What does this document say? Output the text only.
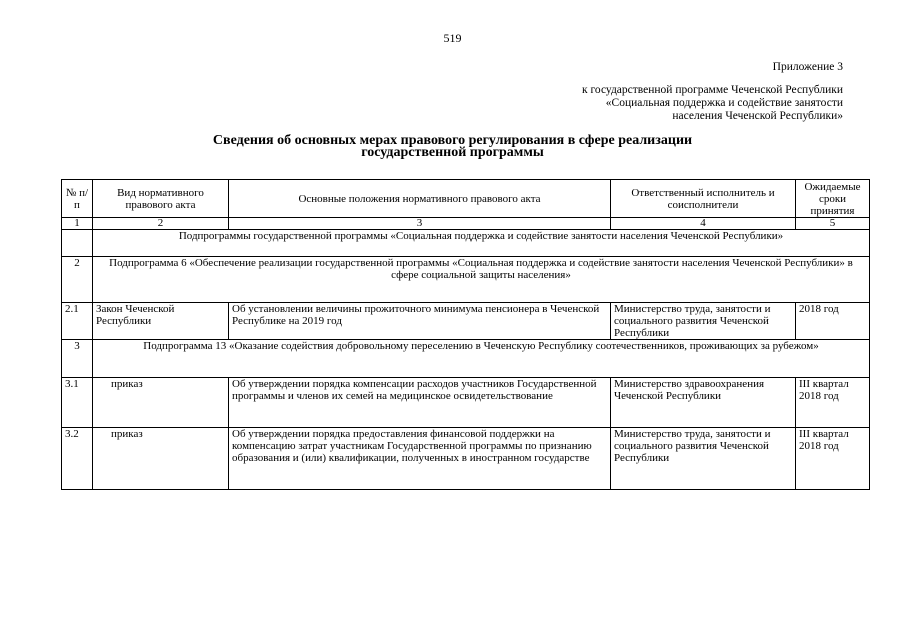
519
Приложение 3
к государственной программе Чеченской Республики
«Социальная поддержка и содействие занятости
населения Чеченской Республики»
Сведения об основных мерах правового регулирования в сфере реализации
государственной программы
№ п/п	Вид нормативного правового акта	Основные положения нормативного правового акта	Ответственный исполнитель и соисполнители	Ожидаемые сроки принятия
1	2	3	4	5
	Подпрограммы государственной программы «Социальная поддержка и содействие занятости населения Чеченской Республики»			
2	Подпрограмма 6 «Обеспечение реализации государственной программы «Социальная поддержка и содействие занятости населения Чеченской Республики» в сфере социальной защиты населения»			
2.1	Закон Чеченской Республики	Об установлении величины прожиточного минимума пенсионера в Чеченской Республике на 2019 год	Министерство труда, занятости и социального развития Чеченской Республики	2018 год
3	Подпрограмма 13 «Оказание содействия добровольному переселению в Чеченскую Республику соотечественников, проживающих за рубежом»			
3.1	приказ	Об утверждении порядка компенсации расходов участников Государственной программы и членов их семей на медицинское освидетельствование	Министерство здравоохранения Чеченской Республики	III квартал 2018 год
3.2	приказ	Об утверждении порядка предоставления финансовой поддержки на компенсацию затрат участникам Государственной программы по признанию образования и (или) квалификации, полученных в иностранном государстве	Министерство труда, занятости и социального развития Чеченской Республики	III квартал 2018 год
